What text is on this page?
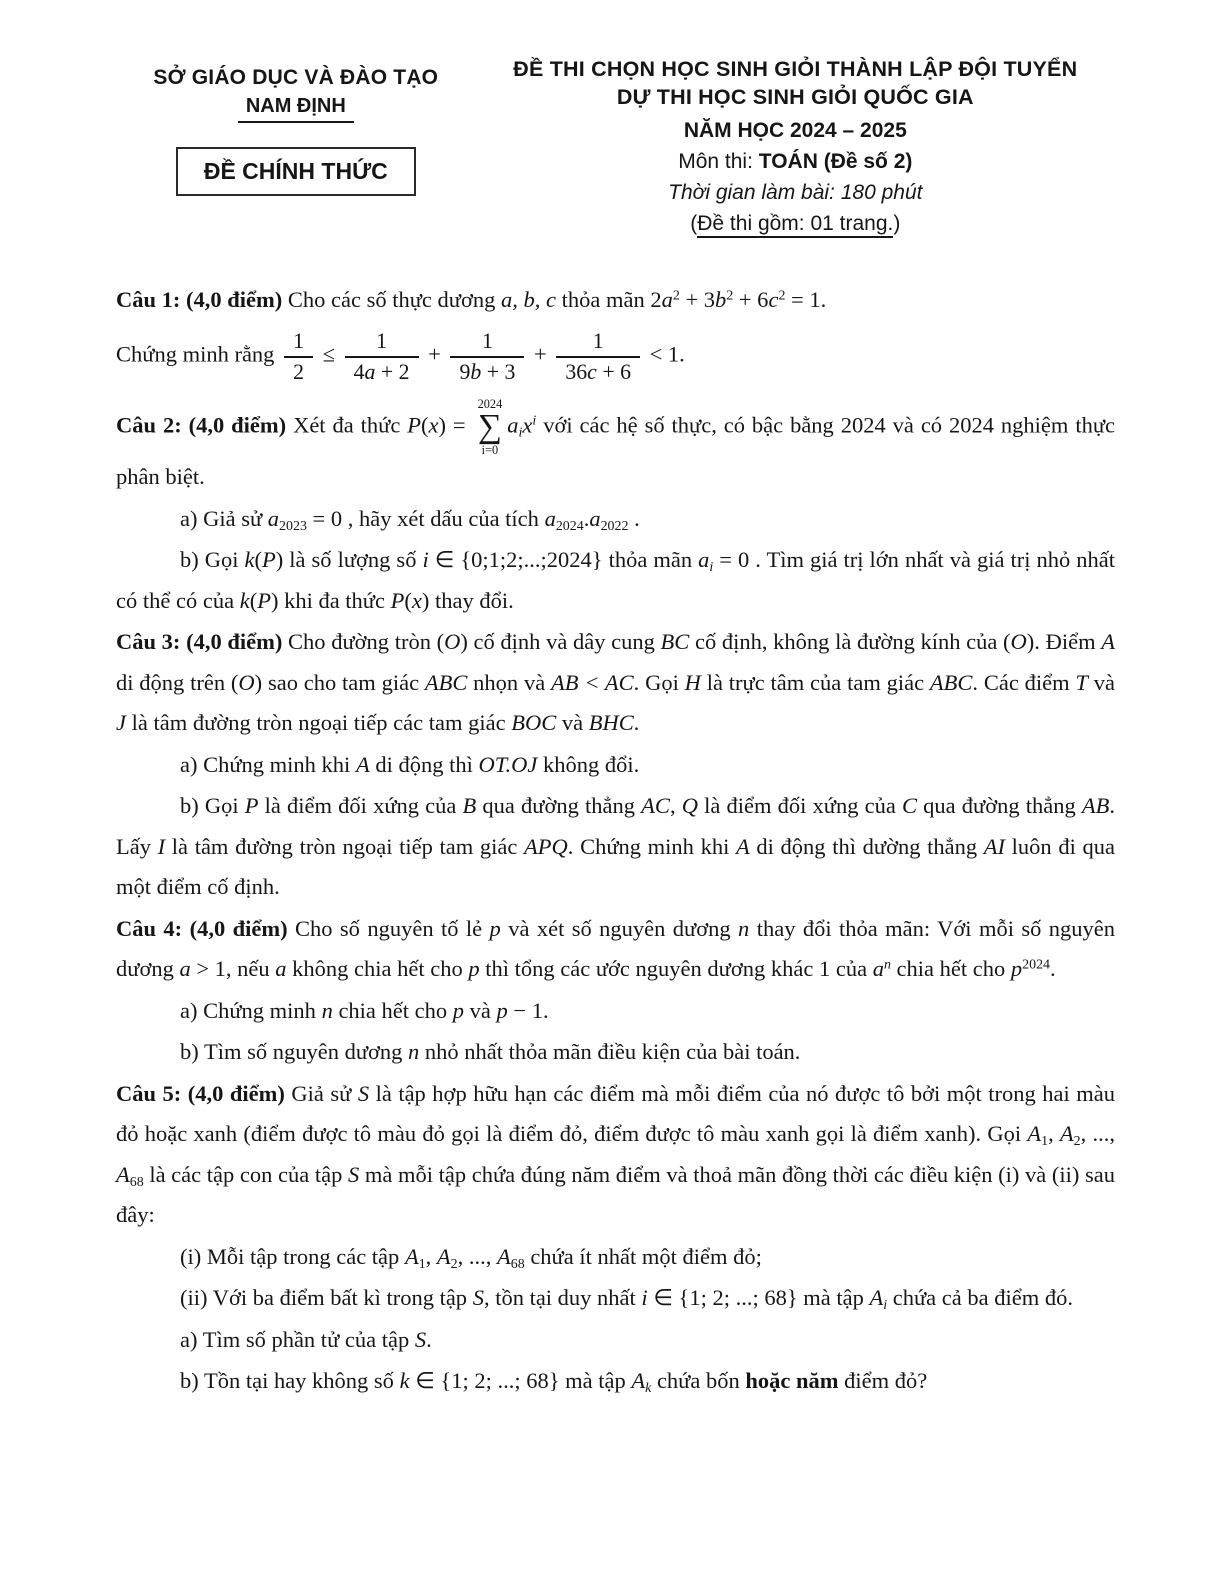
SỞ GIÁO DỤC VÀ ĐÀO TẠO
NAM ĐỊNH
ĐỀ CHÍNH THỨC
ĐỀ THI CHỌN HỌC SINH GIỎI THÀNH LẬP ĐỘI TUYỂN
DỰ THI HỌC SINH GIỎI QUỐC GIA
NĂM HỌC 2024 – 2025
Môn thi: TOÁN (Đề số 2)
Thời gian làm bài: 180 phút
(Đề thi gồm: 01 trang.)

Câu 1: (4,0 điểm) Cho các số thực dương a, b, c thỏa mãn $2a^2 + 3b^2 + 6c^2 = 1$.

Chứng minh rằng $\frac{1}{2} \le \frac{1}{4a + 2} + \frac{1}{9b + 3} + \frac{1}{36c + 6} < 1$.

Câu 2: (4,0 điểm) Xét đa thức P(x) =
2024
∑
i=0
$a_ix^i$ với các hệ số thực, có bậc bằng 2024 và có 2024 nghiệm thực phân biệt.

a) Giả sử $a_{2023} = 0$ , hãy xét dấu của tích $a_{2024}.a_{2022}$ .

b) Gọi k(P) là số lượng số i ∈ {0;1;2;...;2024} thỏa mãn $a_i = 0$ . Tìm giá trị lớn nhất và giá trị nhỏ nhất có thể có của k(P) khi đa thức P(x) thay đổi.

Câu 3: (4,0 điểm) Cho đường tròn (O) cố định và dây cung BC cố định, không là đường kính của (O). Điểm A di động trên (O) sao cho tam giác ABC nhọn và AB < AC. Gọi H là trực tâm của tam giác ABC. Các điểm T và J là tâm đường tròn ngoại tiếp các tam giác BOC và BHC.

a) Chứng minh khi A di động thì OT.OJ không đổi.

b) Gọi P là điểm đối xứng của B qua đường thẳng AC, Q là điểm đối xứng của C qua đường thẳng AB. Lấy I là tâm đường tròn ngoại tiếp tam giác APQ. Chứng minh khi A di động thì dường thẳng AI luôn đi qua một điểm cố định.

Câu 4: (4,0 điểm) Cho số nguyên tố lẻ p và xét số nguyên dương n thay đổi thỏa mãn: Với mỗi số nguyên dương a > 1, nếu a không chia hết cho p thì tổng các ước nguyên dương khác 1 của $a^n$ chia hết cho $p^{2024}$.

a) Chứng minh n chia hết cho p và p − 1.

b) Tìm số nguyên dương n nhỏ nhất thỏa mãn điều kiện của bài toán.

Câu 5: (4,0 điểm) Giả sử S là tập hợp hữu hạn các điểm mà mỗi điểm của nó được tô bởi một trong hai màu đỏ hoặc xanh (điểm được tô màu đỏ gọi là điểm đỏ, điểm được tô màu xanh gọi là điểm xanh). Gọi $A_1$, $A_2$, ..., $A_{68}$ là các tập con của tập S mà mỗi tập chứa đúng năm điểm và thoả mãn đồng thời các điều kiện (i) và (ii) sau đây:

(i) Mỗi tập trong các tập $A_1$, $A_2$, ..., $A_{68}$ chứa ít nhất một điểm đỏ;

(ii) Với ba điểm bất kì trong tập S, tồn tại duy nhất i ∈ {1; 2; ...; 68} mà tập $A_i$ chứa cả ba điểm đó.

a) Tìm số phần tử của tập S.

b) Tồn tại hay không số k ∈ {1; 2; ...; 68} mà tập $A_k$ chứa bốn hoặc năm điểm đỏ?
